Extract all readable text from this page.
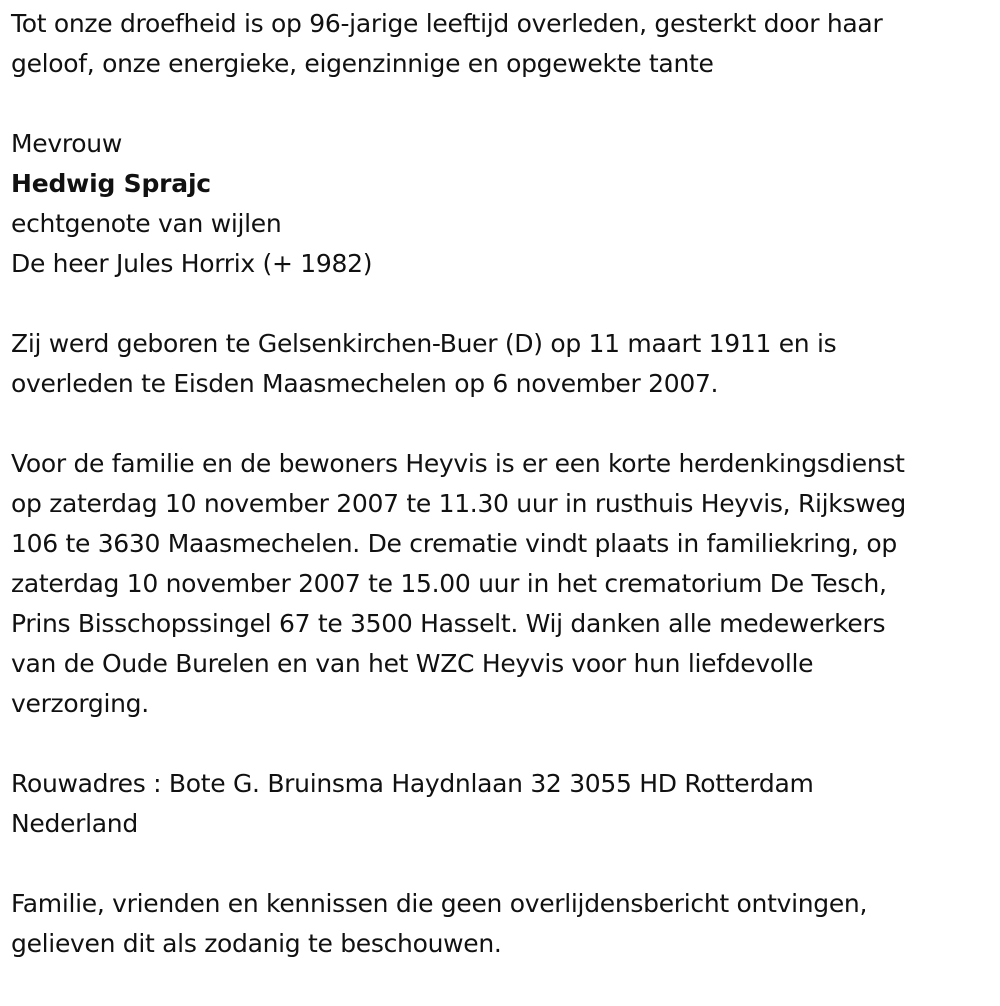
Tot onze droefheid is op 96-jarige leeftijd overleden, gesterkt door haar

geloof, onze energieke, eigenzinnige en opgewekte tante

Mevrouw

Hedwig Sprajc

echtgenote van wijlen

De heer Jules Horrix (+ 1982)

Zij werd geboren te Gelsenkirchen-Buer (D) op 11 maart 1911 en is

overleden te Eisden Maasmechelen op 6 november 2007.

Voor de familie en de bewoners Heyvis is er een korte herdenkingsdienst

op zaterdag 10 november 2007 te 11.30 uur in rusthuis Heyvis, Rijksweg

106 te 3630 Maasmechelen. De crematie vindt plaats in familiekring, op

zaterdag 10 november 2007 te 15.00 uur in het crematorium De Tesch,

Prins Bisschopssingel 67 te 3500 Hasselt. Wij danken alle medewerkers

van de Oude Burelen en van het WZC Heyvis voor hun liefdevolle

verzorging.

Rouwadres : Bote G. Bruinsma Haydnlaan 32 3055 HD Rotterdam

Nederland

Familie, vrienden en kennissen die geen overlijdensbericht ontvingen,

gelieven dit als zodanig te beschouwen.
